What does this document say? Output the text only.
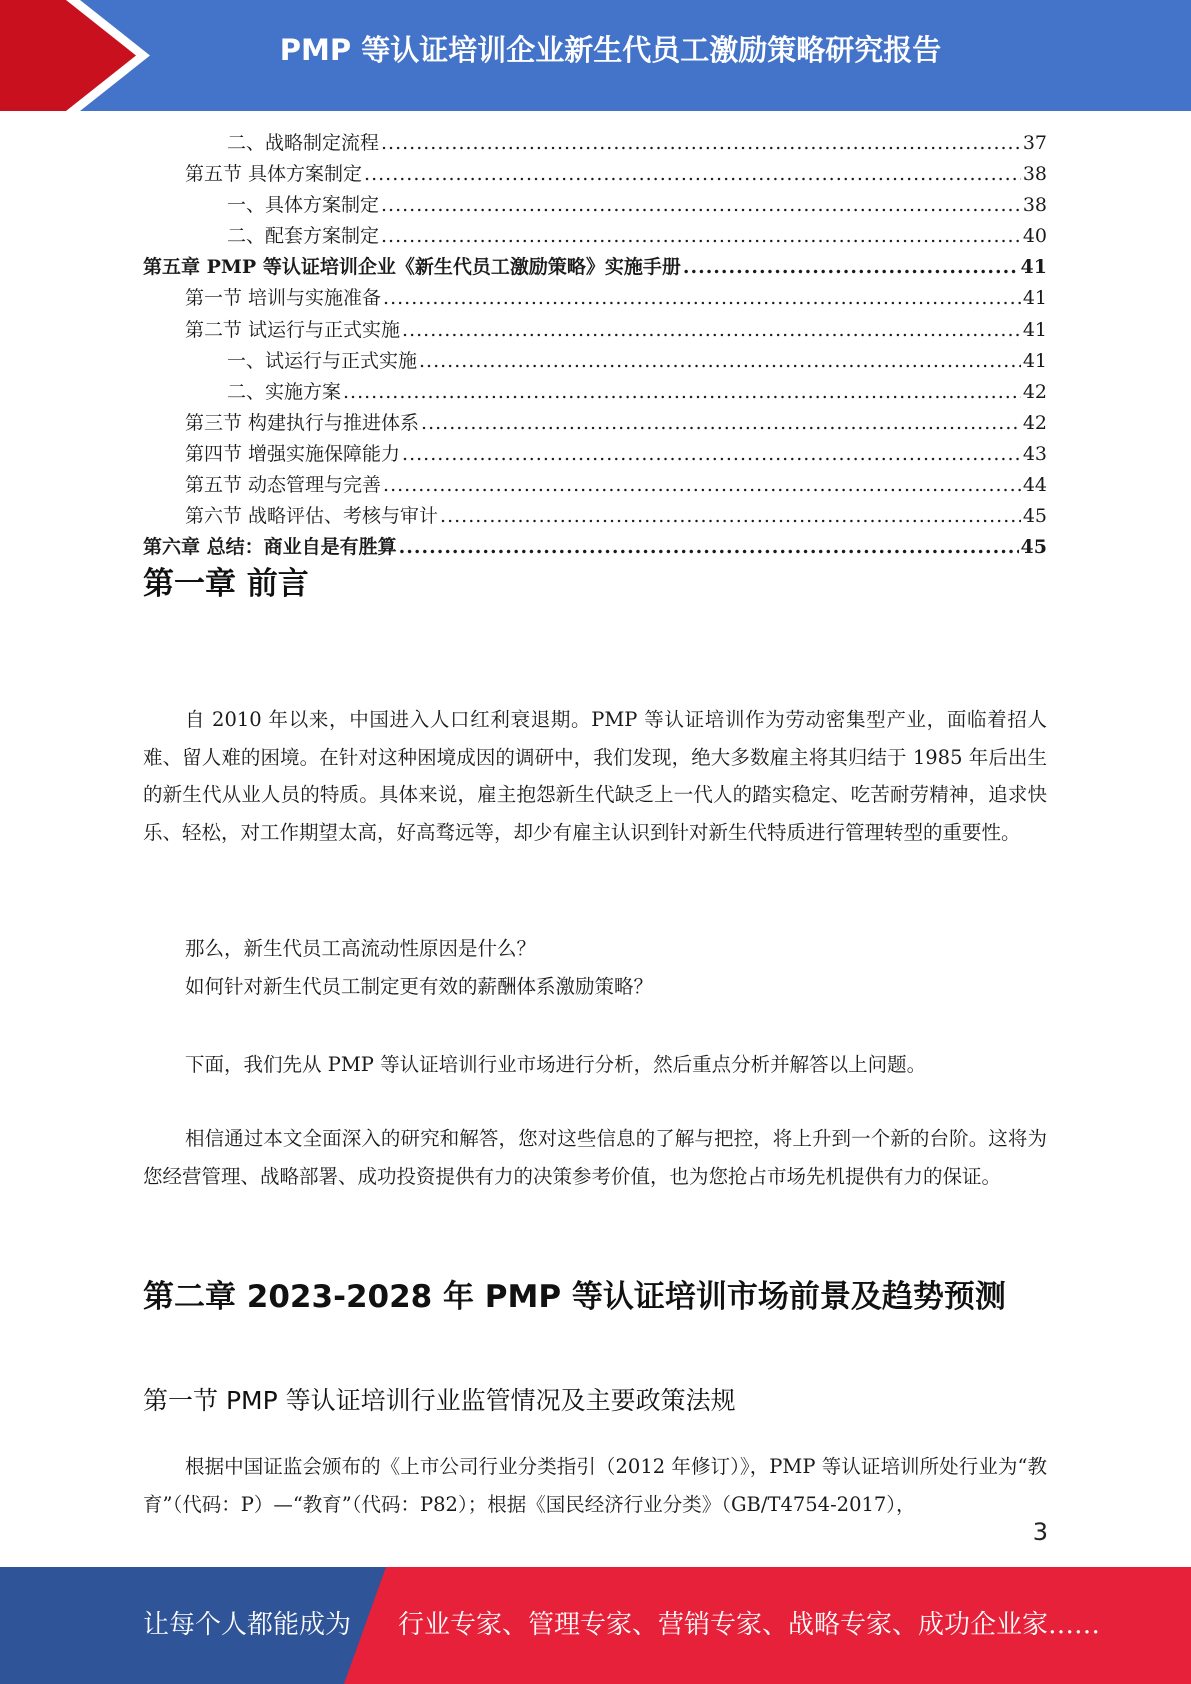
PMP 等认证培训企业新生代员工激励策略研究报告
二、战略制定流程 .....	37
第五节 具体方案制定 .....	38
一、具体方案制定 .....	38
二、配套方案制定 .....	40
第五章 PMP 等认证培训企业《新生代员工激励策略》实施手册 .....	41
第一节 培训与实施准备 .....	41
第二节 试运行与正式实施 .....	41
一、试运行与正式实施 .....	41
二、实施方案 .....	42
第三节 构建执行与推进体系 .....	42
第四节 增强实施保障能力 .....	43
第五节 动态管理与完善 .....	44
第六节 战略评估、考核与审计 .....	45
第六章 总结：商业自是有胜算 .....	45
第一章 前言

自 2010 年以来，中国进入人口红利衰退期。PMP 等认证培训作为劳动密集型产业，面临着招人难、留人难的困境。在针对这种困境成因的调研中，我们发现，绝大多数雇主将其归结于 1985 年后出生的新生代从业人员的特质。具体来说，雇主抱怨新生代缺乏上一代人的踏实稳定、吃苦耐劳精神，追求快乐、轻松，对工作期望太高，好高骛远等，却少有雇主认识到针对新生代特质进行管理转型的重要性。

那么，新生代员工高流动性原因是什么？

如何针对新生代员工制定更有效的薪酬体系激励策略？

下面，我们先从 PMP 等认证培训行业市场进行分析，然后重点分析并解答以上问题。

相信通过本文全面深入的研究和解答，您对这些信息的了解与把控，将上升到一个新的台阶。这将为您经营管理、战略部署、成功投资提供有力的决策参考价值，也为您抢占市场先机提供有力的保证。

第二章 2023-2028 年 PMP 等认证培训市场前景及趋势预测
第一节 PMP 等认证培训行业监管情况及主要政策法规

根据中国证监会颁布的《上市公司行业分类指引（2012 年修订）》，PMP 等认证培训所处行业为“教育”（代码：P）—“教育”（代码：P82）；根据《国民经济行业分类》（GB/T4754-2017），

3
让每个人都能成为 行业专家、管理专家、营销专家、战略专家、成功企业家……
